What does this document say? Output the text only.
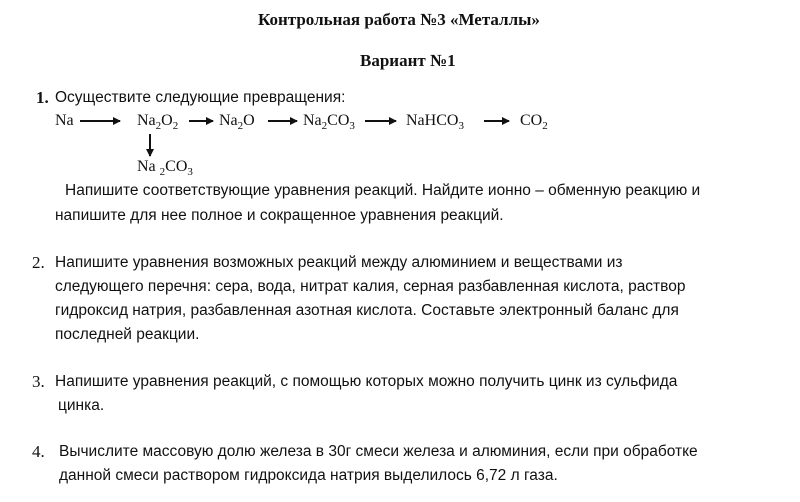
Контрольная работа №3 «Металлы»
Вариант №1
1. Осуществите следующие превращения:
Na	$Na_2O_2$	$Na_2O$	$Na_2CO_3$	NaHCO$_3$	$CO_2$
Na $_2CO_3$
Напишите соответствующие уравнения реакций. Найдите ионно – обменную реакцию и
напишите для нее полное и сокращенное уравнения реакций.
2. Напишите уравнения возможных реакций между алюминием и веществами из
следующего перечня: сера, вода, нитрат калия, серная разбавленная кислота, раствор
гидроксид натрия, разбавленная азотная кислота. Составьте электронный баланс для
последней реакции.
3. Напишите уравнения реакций, с помощью которых можно получить цинк из сульфида
цинка.
4. Вычислите массовую долю железа в 30г смеси железа и алюминия, если при обработке
данной смеси раствором гидроксида натрия выделилось 6,72 л газа.
